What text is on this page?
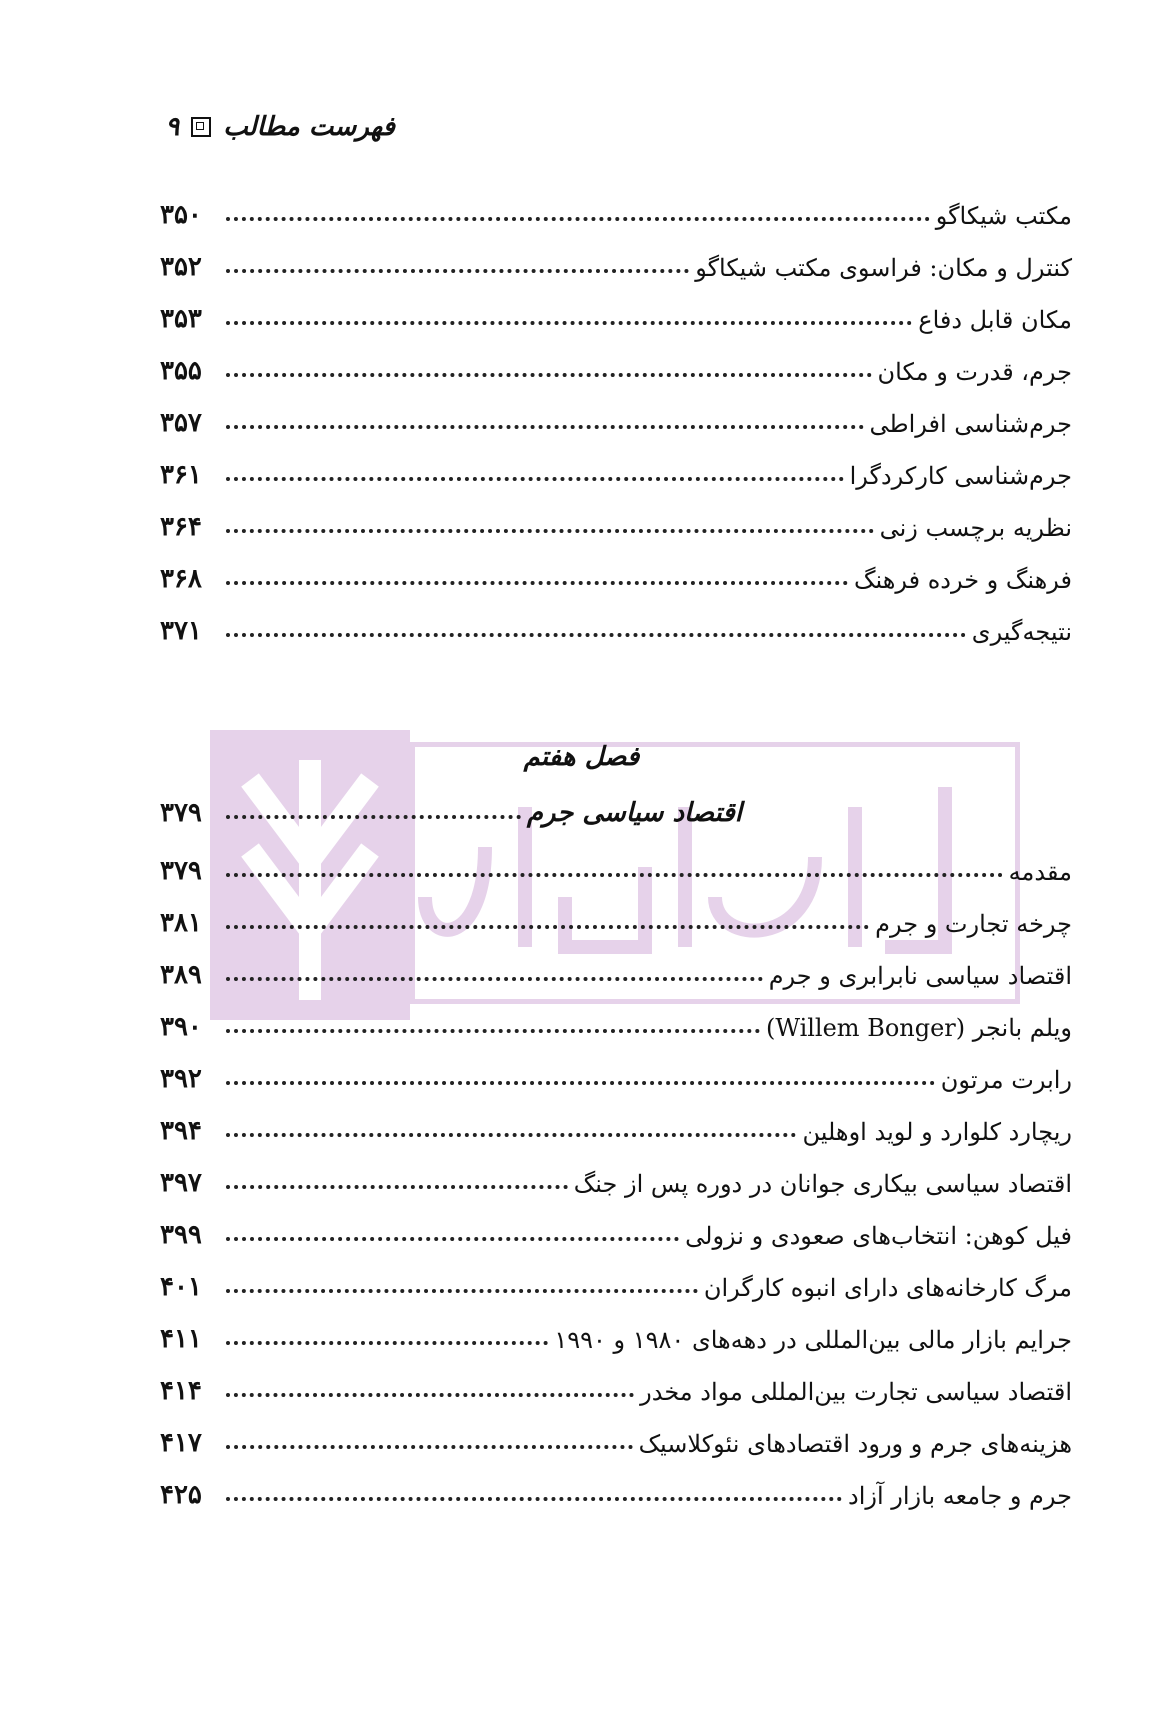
فهرست مطالب
۹
مکتب شیکاگو
۳۵۰
کنترل و مکان: فراسوی مکتب شیکاگو
۳۵۲
مکان قابل دفاع
۳۵۳
جرم، قدرت و مکان
۳۵۵
جرم‌شناسی افراطی
۳۵۷
جرم‌شناسی کارکردگرا
۳۶۱
نظریه برچسب زنی
۳۶۴
فرهنگ و خرده فرهنگ
۳۶۸
نتیجه‌گیری
۳۷۱
فصل هفتم
اقتصاد سیاسی جرم
۳۷۹
مقدمه
۳۷۹
چرخه تجارت و جرم
۳۸۱
اقتصاد سیاسی نابرابری و جرم
۳۸۹
ویلم بانجر (Willem Bonger)
۳۹۰
رابرت مرتون
۳۹۲
ریچارد کلوارد و لوید اوهلین
۳۹۴
اقتصاد سیاسی بیکاری جوانان در دوره پس از جنگ
۳۹۷
فیل کوهن: انتخاب‌های صعودی و نزولی
۳۹۹
مرگ کارخانه‌های دارای انبوه کارگران
۴۰۱
جرایم بازار مالی بین‌المللی در دهه‌های ۱۹۸۰ و ۱۹۹۰
۴۱۱
اقتصاد سیاسی تجارت بین‌المللی مواد مخدر
۴۱۴
هزینه‌های جرم و ورود اقتصادهای نئوکلاسیک
۴۱۷
جرم و جامعه بازار آزاد
۴۲۵
